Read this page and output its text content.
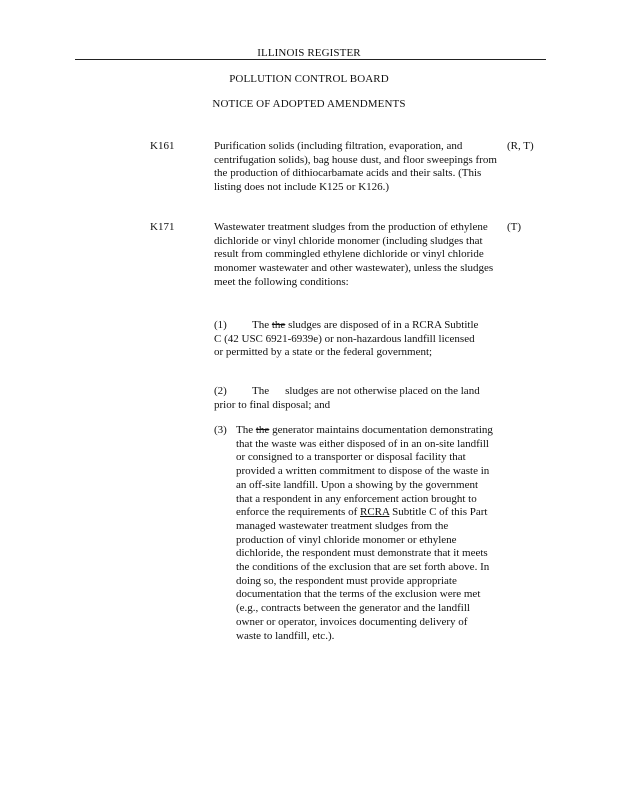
ILLINOIS REGISTER
POLLUTION CONTROL BOARD
NOTICE OF ADOPTED AMENDMENTS
K161	Purification solids (including filtration, evaporation, and centrifugation solids), bag house dust, and floor sweepings from the production of dithiocarbamate acids and their salts. (This listing does not include K125 or K126.)
(R, T)
K171	Wastewater treatment sludges from the production of ethylene dichloride or vinyl chloride monomer (including sludges that result from commingled ethylene dichloride or vinyl chloride monomer wastewater and other wastewater), unless the sludges meet the following conditions:
(T)
(1) The the sludges are disposed of in a RCRA Subtitle C (42 USC 6921-6939e) or non-hazardous landfill licensed or permitted by a state or the federal government;
(2) The sludges are not otherwise placed on the land prior to final disposal; and
(3) The the generator maintains documentation demonstrating that the waste was either disposed of in an on-site landfill or consigned to a transporter or disposal facility that provided a written commitment to dispose of the waste in an off-site landfill. Upon a showing by the government that a respondent in any enforcement action brought to enforce the requirements of RCRA Subtitle C of this Part managed wastewater treatment sludges from the production of vinyl chloride monomer or ethylene dichloride, the respondent must demonstrate that it meets the conditions of the exclusion that are set forth above. In doing so, the respondent must provide appropriate documentation that the terms of the exclusion were met (e.g., contracts between the generator and the landfill owner or operator, invoices documenting delivery of waste to landfill, etc.).
